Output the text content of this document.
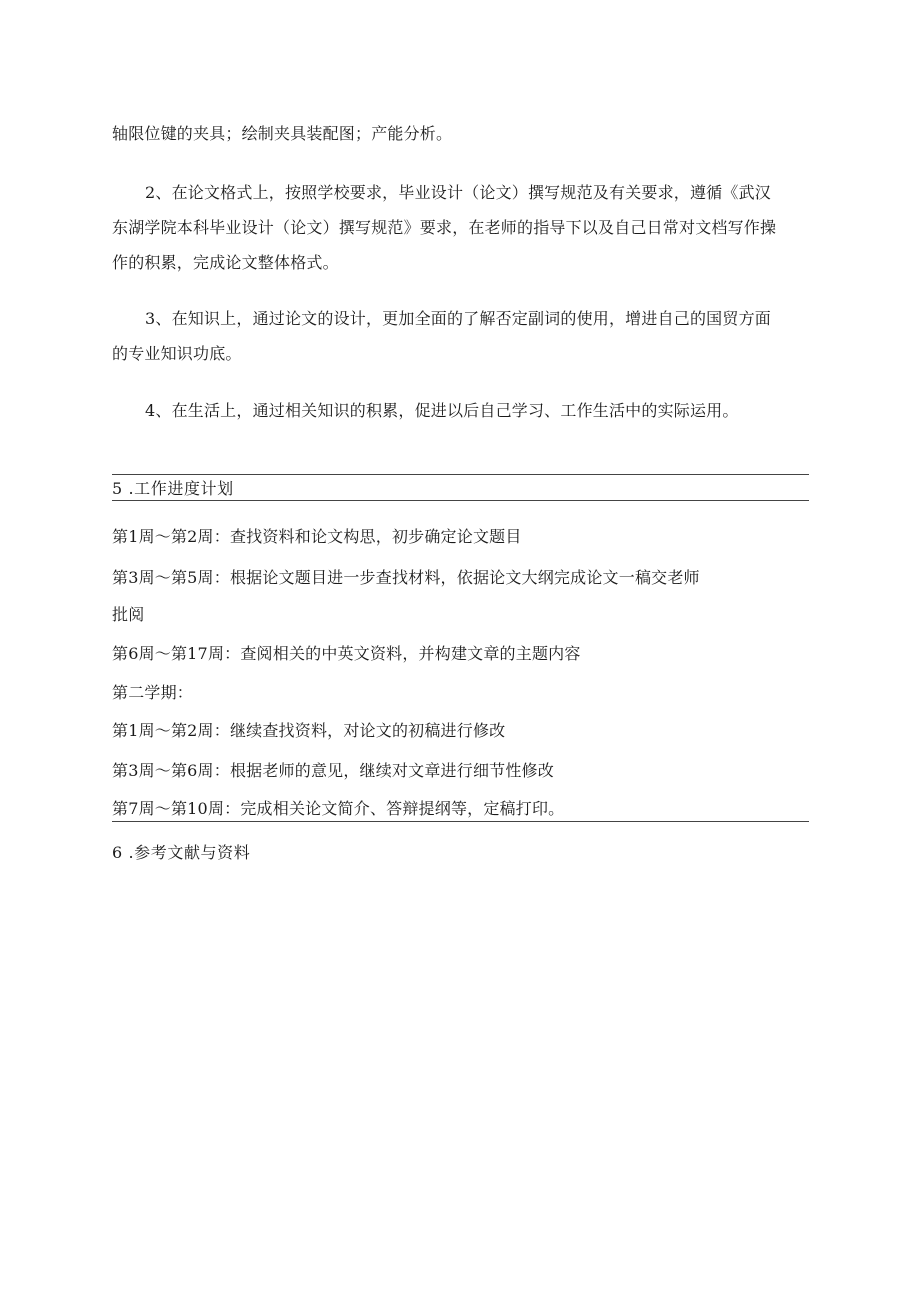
轴限位键的夹具；绘制夹具装配图；产能分析。
2、在论文格式上，按照学校要求，毕业设计（论文）撰写规范及有关要求，遵循《武汉
东湖学院本科毕业设计（论文）撰写规范》要求，在老师的指导下以及自己日常对文档写作操
作的积累，完成论文整体格式。
3、在知识上，通过论文的设计，更加全面的了解否定副词的使用，增进自己的国贸方面
的专业知识功底。
4、在生活上，通过相关知识的积累，促进以后自己学习、工作生活中的实际运用。
5 .工作进度计划
第1周～第2周：查找资料和论文构思，初步确定论文题目
第3周～第5周：根据论文题目进一步查找材料，依据论文大纲完成论文一稿交老师
批阅
第6周～第17周：查阅相关的中英文资料，并构建文章的主题内容
第二学期：
第1周～第2周：继续查找资料，对论文的初稿进行修改
第3周～第6周：根据老师的意见，继续对文章进行细节性修改
第7周～第10周：完成相关论文简介、答辩提纲等，定稿打印。
6 .参考文献与资料
